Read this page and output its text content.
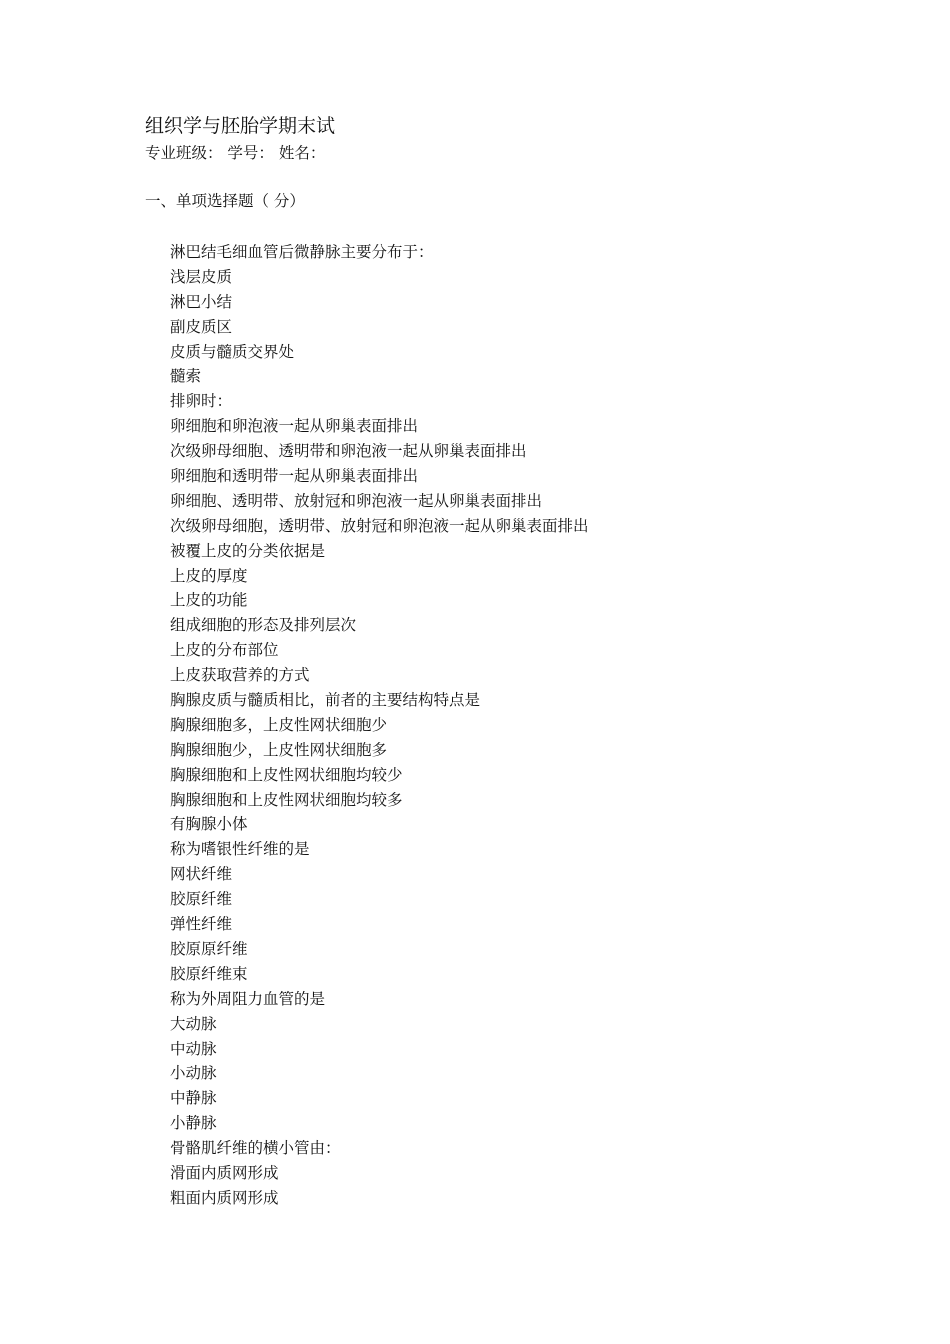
组织学与胚胎学期末试
专业班级： 学号： 姓名：
一、单项选择题（ 分）
淋巴结毛细血管后微静脉主要分布于：
浅层皮质
淋巴小结
副皮质区
皮质与髓质交界处
髓索
排卵时：
卵细胞和卵泡液一起从卵巢表面排出
次级卵母细胞、透明带和卵泡液一起从卵巢表面排出
卵细胞和透明带一起从卵巢表面排出
卵细胞、透明带、放射冠和卵泡液一起从卵巢表面排出
次级卵母细胞，透明带、放射冠和卵泡液一起从卵巢表面排出
被覆上皮的分类依据是
上皮的厚度
上皮的功能
组成细胞的形态及排列层次
上皮的分布部位
上皮获取营养的方式
胸腺皮质与髓质相比，前者的主要结构特点是
胸腺细胞多，上皮性网状细胞少
胸腺细胞少，上皮性网状细胞多
胸腺细胞和上皮性网状细胞均较少
胸腺细胞和上皮性网状细胞均较多
有胸腺小体
称为嗜银性纤维的是
网状纤维
胶原纤维
弹性纤维
胶原原纤维
胶原纤维束
称为外周阻力血管的是
大动脉
中动脉
小动脉
中静脉
小静脉
骨骼肌纤维的横小管由：
滑面内质网形成
粗面内质网形成
